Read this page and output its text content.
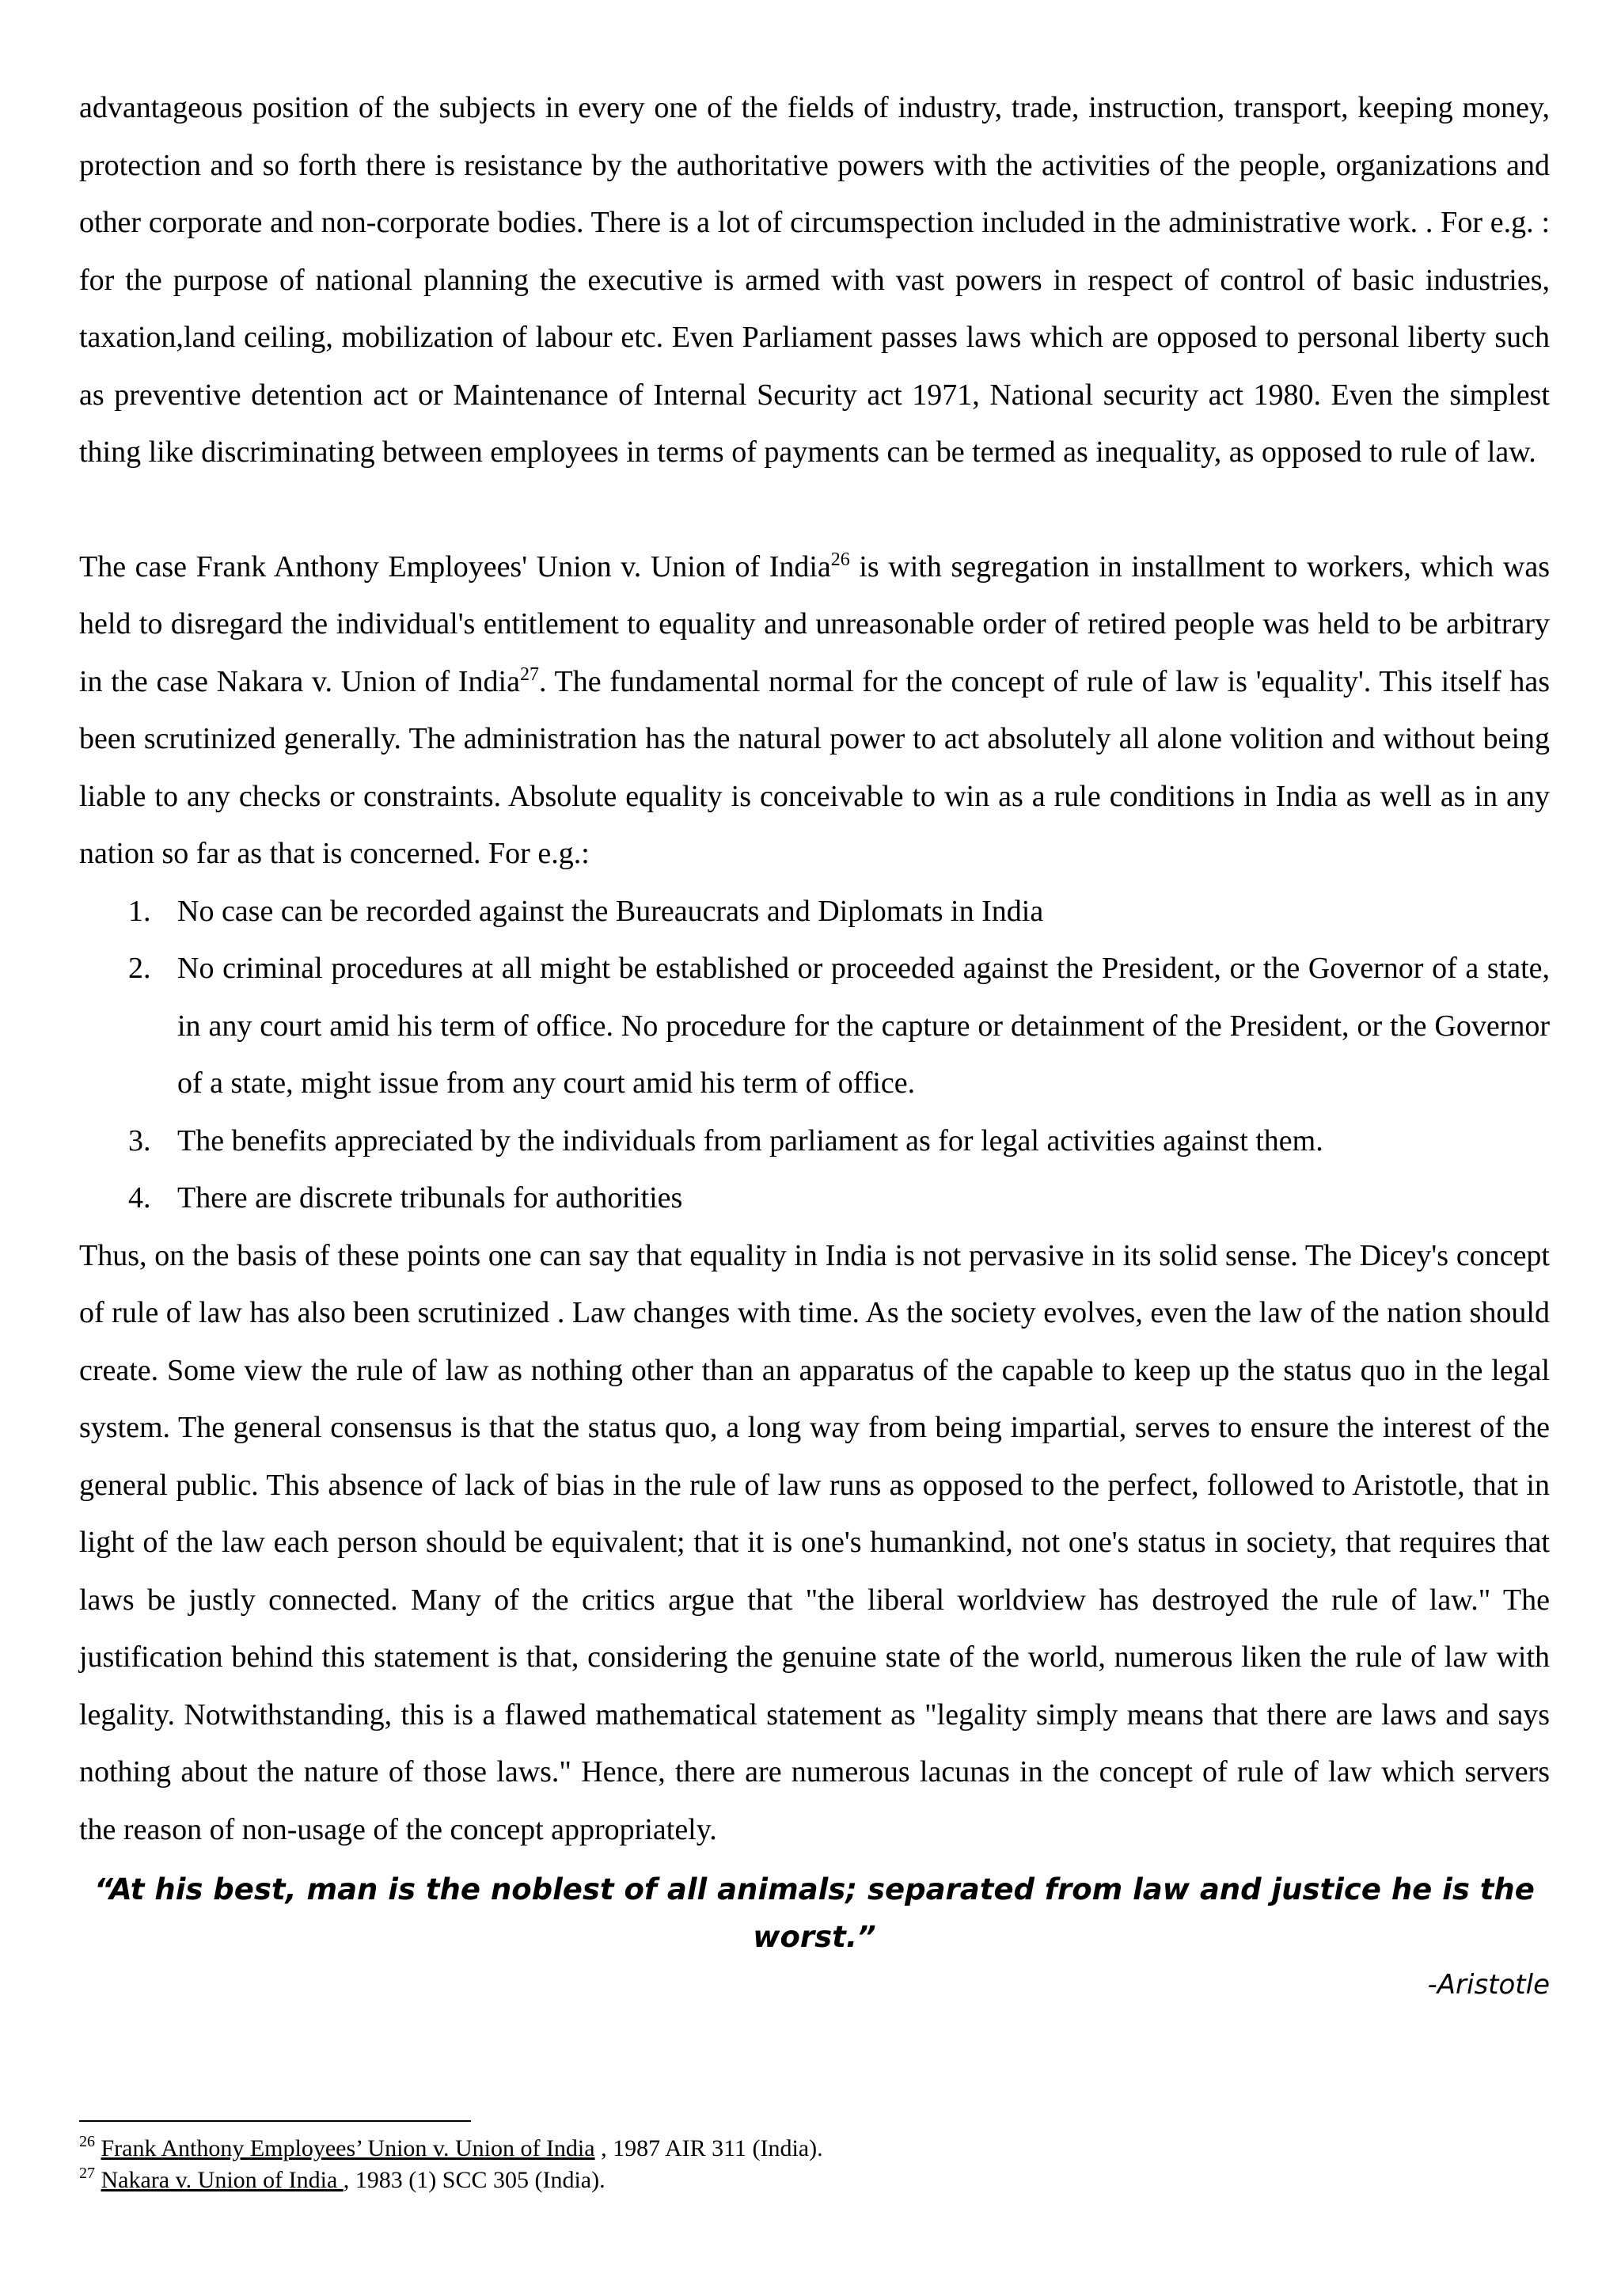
advantageous position of the subjects in every one of the fields of industry, trade, instruction, transport, keeping money, protection and so forth there is resistance by the authoritative powers with the activities of the people, organizations and other corporate and non-corporate bodies. There is a lot of circumspection included in the administrative work. . For e.g. : for the purpose of national planning the executive is armed with vast powers in respect of control of basic industries, taxation,land ceiling, mobilization of labour etc. Even Parliament passes laws which are opposed to personal liberty such as preventive detention act or Maintenance of Internal Security act 1971, National security act 1980. Even the simplest thing like discriminating between employees in terms of payments can be termed as inequality, as opposed to rule of law.

The case Frank Anthony Employees' Union v. Union of India$^{26}$ is with segregation in installment to workers, which was held to disregard the individual's entitlement to equality and unreasonable order of retired people was held to be arbitrary in the case Nakara v. Union of India$^{27}$. The fundamental normal for the concept of rule of law is 'equality'. This itself has been scrutinized generally. The administration has the natural power to act absolutely all alone volition and without being liable to any checks or constraints. Absolute equality is conceivable to win as a rule conditions in India as well as in any nation so far as that is concerned. For e.g.:

1. No case can be recorded against the Bureaucrats and Diplomats in India
2. No criminal procedures at all might be established or proceeded against the President, or the Governor of a state, in any court amid his term of office. No procedure for the capture or detainment of the President, or the Governor of a state, might issue from any court amid his term of office.
3. The benefits appreciated by the individuals from parliament as for legal activities against them.
4. There are discrete tribunals for authorities

Thus, on the basis of these points one can say that equality in India is not pervasive in its solid sense. The Dicey's concept of rule of law has also been scrutinized . Law changes with time. As the society evolves, even the law of the nation should create. Some view the rule of law as nothing other than an apparatus of the capable to keep up the status quo in the legal system. The general consensus is that the status quo, a long way from being impartial, serves to ensure the interest of the general public. This absence of lack of bias in the rule of law runs as opposed to the perfect, followed to Aristotle, that in light of the law each person should be equivalent; that it is one's humankind, not one's status in society, that requires that laws be justly connected. Many of the critics argue that "the liberal worldview has destroyed the rule of law." The justification behind this statement is that, considering the genuine state of the world, numerous liken the rule of law with legality. Notwithstanding, this is a flawed mathematical statement as "legality simply means that there are laws and says nothing about the nature of those laws." Hence, there are numerous lacunas in the concept of rule of law which servers the reason of non-usage of the concept appropriately.

“At his best, man is the noblest of all animals; separated from law and justice he is the worst.”

-Aristotle

$^{26}$ Frank Anthony Employees’ Union v. Union of India , 1987 AIR 311 (India).

$^{27}$ Nakara v. Union of India , 1983 (1) SCC 305 (India).
